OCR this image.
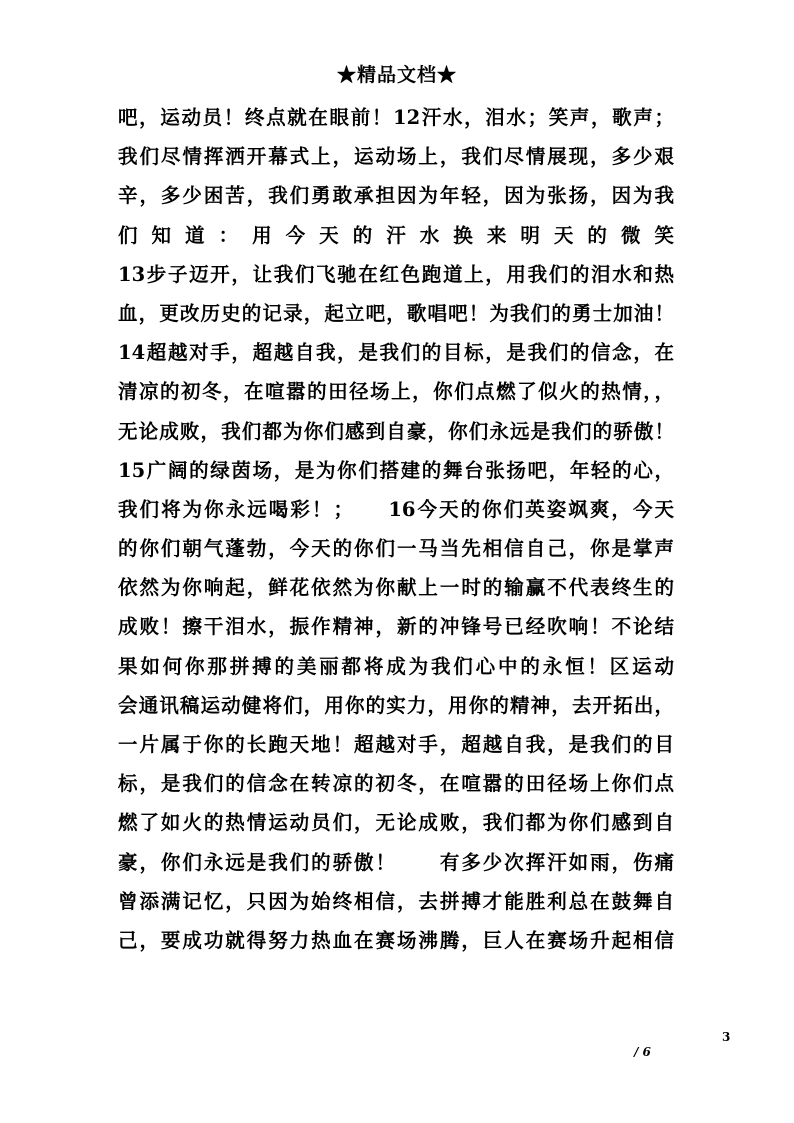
★精品文档★
吧，运动员！终点就在眼前！12汗水，泪水；笑声，歌声；
我们尽情挥洒开幕式上，运动场上，我们尽情展现，多少艰
辛，多少困苦，我们勇敢承担因为年轻，因为张扬，因为我
们知道：用今天的汗水换来明天的微笑
13步子迈开，让我们飞驰在红色跑道上，用我们的泪水和热
血，更改历史的记录，起立吧，歌唱吧！为我们的勇士加油！
14超越对手，超越自我，是我们的目标，是我们的信念，在
清凉的初冬，在喧嚣的田径场上，你们点燃了似火的热情，，
无论成败，我们都为你们感到自豪，你们永远是我们的骄傲！
15广阔的绿茵场，是为你们搭建的舞台张扬吧，年轻的心，
我们将为你永远喝彩！；　　16今天的你们英姿飒爽，今天
的你们朝气蓬勃，今天的你们一马当先相信自己，你是掌声
依然为你响起，鲜花依然为你献上一时的输赢不代表终生的
成败！擦干泪水，振作精神，新的冲锋号已经吹响！不论结
果如何你那拼搏的美丽都将成为我们心中的永恒！区运动
会通讯稿运动健将们，用你的实力，用你的精神，去开拓出，
一片属于你的长跑天地！超越对手，超越自我，是我们的目
标，是我们的信念在转凉的初冬，在喧嚣的田径场上你们点
燃了如火的热情运动员们，无论成败，我们都为你们感到自
豪，你们永远是我们的骄傲！　　有多少次挥汗如雨，伤痛
曾添满记忆，只因为始终相信，去拼搏才能胜利总在鼓舞自
己，要成功就得努力热血在赛场沸腾，巨人在赛场升起相信
3
/ 6
